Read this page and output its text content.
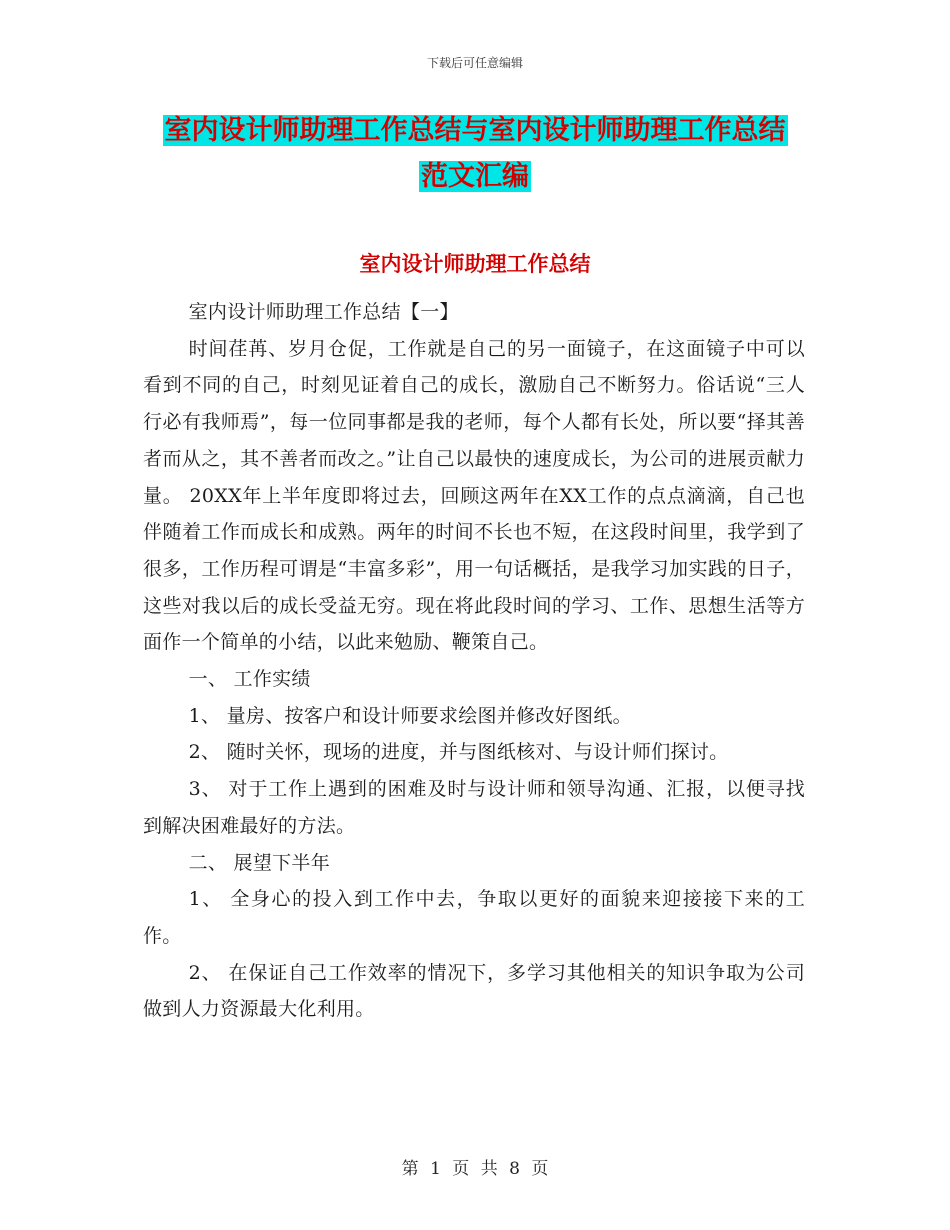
下载后可任意编辑
室内设计师助理工作总结与室内设计师助理工作总结
范文汇编
室内设计师助理工作总结

室内设计师助理工作总结【一】

时间荏苒、岁月仓促，工作就是自己的另一面镜子，在这面镜子中可以看到不同的自己，时刻见证着自己的成长，激励自己不断努力。俗话说“三人行必有我师焉”，每一位同事都是我的老师，每个人都有长处，所以要“择其善者而从之，其不善者而改之。”让自己以最快的速度成长，为公司的进展贡献力量。 20XX年上半年度即将过去，回顾这两年在XX工作的点点滴滴，自己也伴随着工作而成长和成熟。两年的时间不长也不短，在这段时间里，我学到了很多，工作历程可谓是“丰富多彩”，用一句话概括，是我学习加实践的日子，这些对我以后的成长受益无穷。现在将此段时间的学习、工作、思想生活等方面作一个简单的小结，以此来勉励、鞭策自己。

一、 工作实绩

1、 量房、按客户和设计师要求绘图并修改好图纸。

2、 随时关怀，现场的进度，并与图纸核对、与设计师们探讨。

3、 对于工作上遇到的困难及时与设计师和领导沟通、汇报，以便寻找到解决困难最好的方法。

二、 展望下半年

1、 全身心的投入到工作中去，争取以更好的面貌来迎接接下来的工作。

2、 在保证自己工作效率的情况下，多学习其他相关的知识争取为公司做到人力资源最大化利用。

第 1 页 共 8 页
